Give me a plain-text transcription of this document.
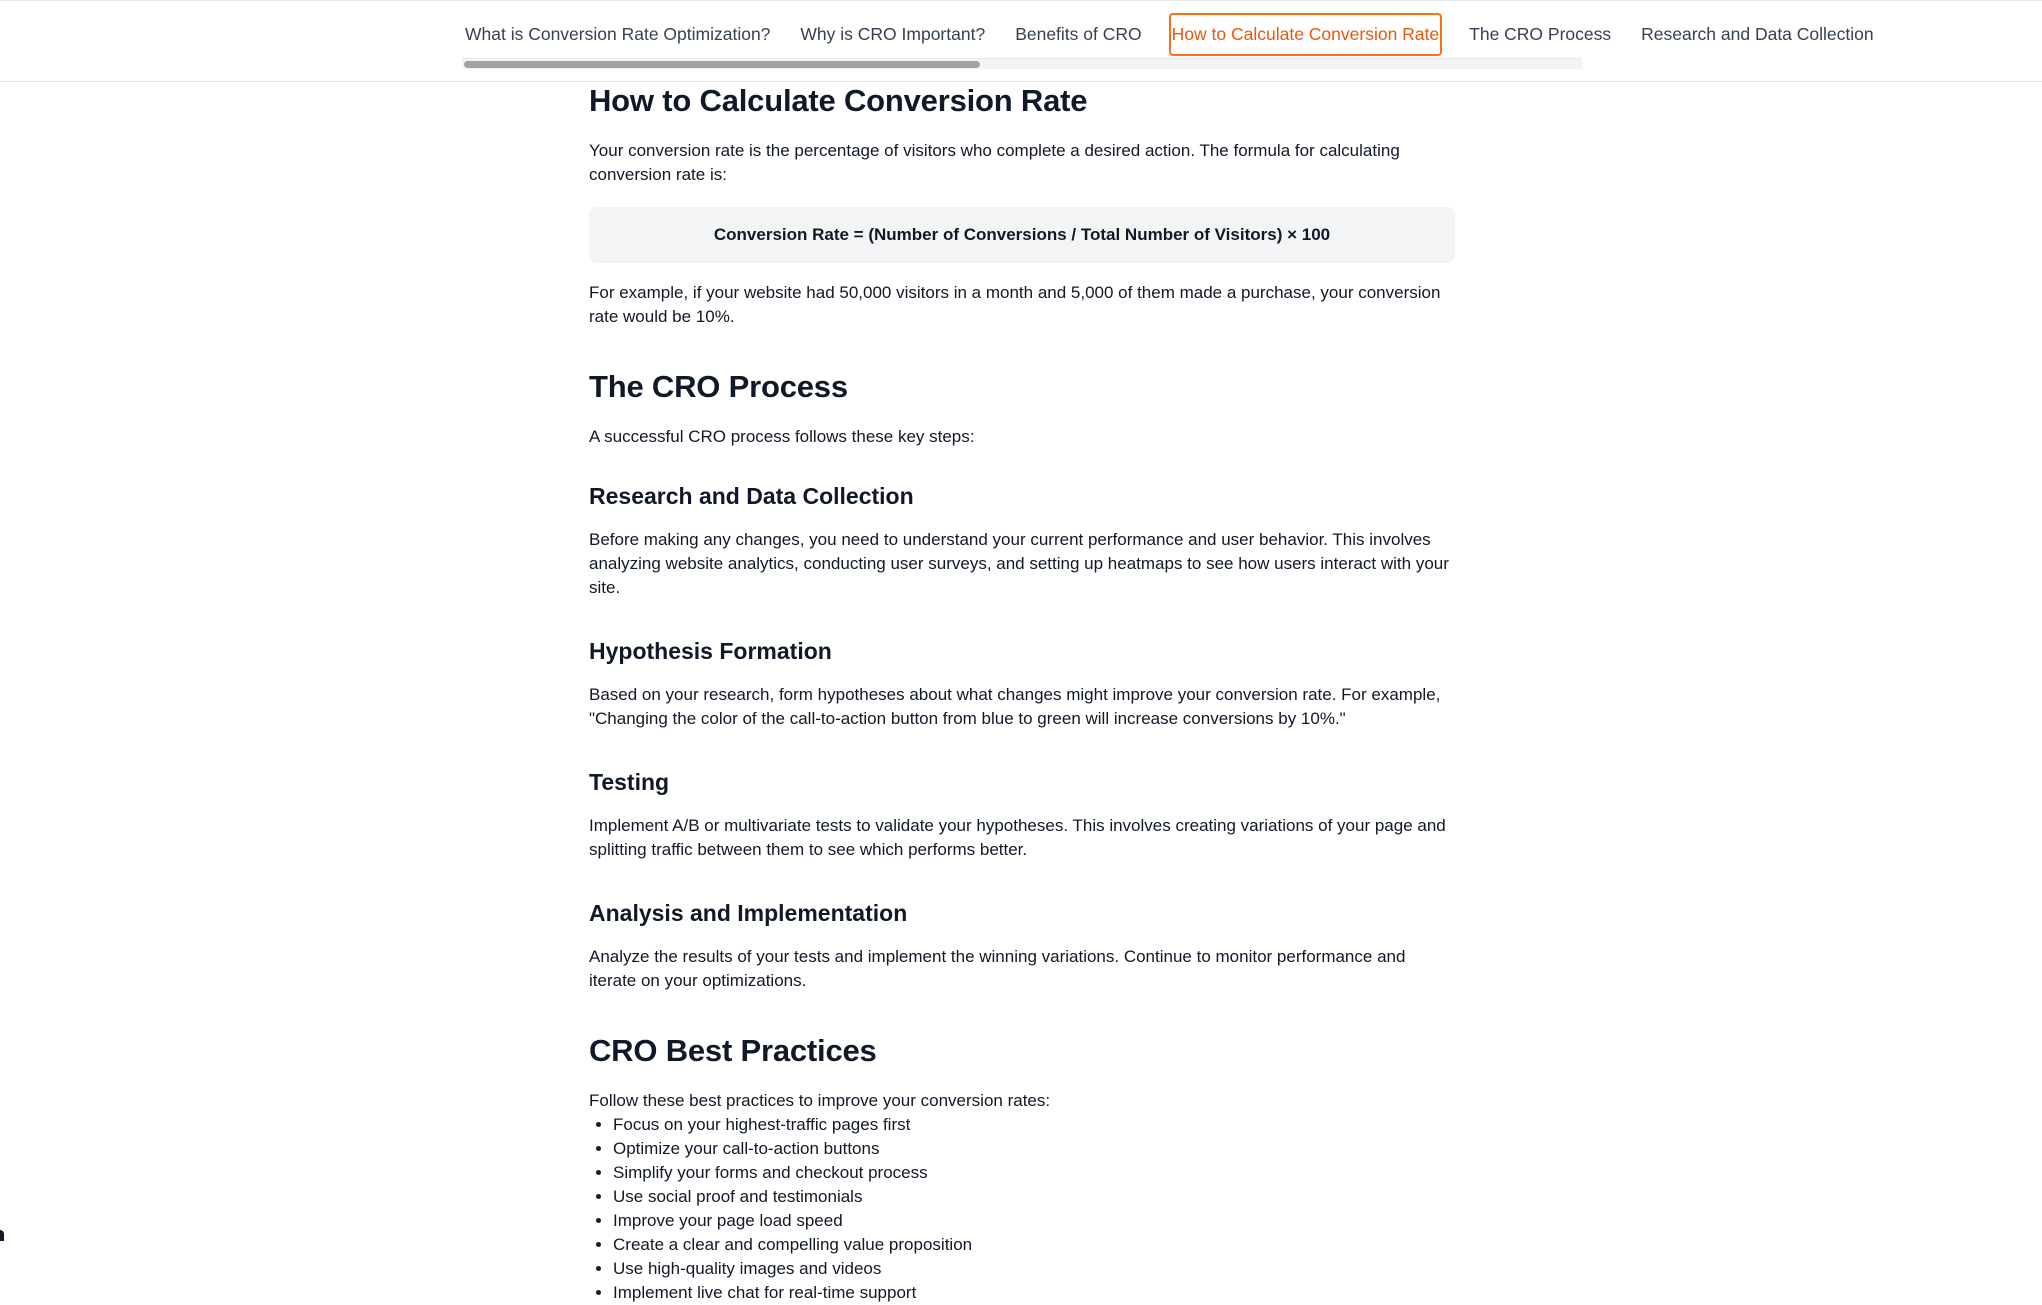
What is Conversion Rate Optimization? Why is CRO Important? Benefits of CRO How to Calculate Conversion Rate The CRO Process Research and Data Collection
How to Calculate Conversion Rate

Your conversion rate is the percentage of visitors who complete a desired action. The formula for calculating conversion rate is:

Conversion Rate = (Number of Conversions / Total Number of Visitors) × 100

For example, if your website had 50,000 visitors in a month and 5,000 of them made a purchase, your conversion rate would be 10%.

The CRO Process

A successful CRO process follows these key steps:

Research and Data Collection

Before making any changes, you need to understand your current performance and user behavior. This involves analyzing website analytics, conducting user surveys, and setting up heatmaps to see how users interact with your site.

Hypothesis Formation

Based on your research, form hypotheses about what changes might improve your conversion rate. For example, "Changing the color of the call-to-action button from blue to green will increase conversions by 10%."

Testing

Implement A/B or multivariate tests to validate your hypotheses. This involves creating variations of your page and splitting traffic between them to see which performs better.

Analysis and Implementation

Analyze the results of your tests and implement the winning variations. Continue to monitor performance and iterate on your optimizations.

CRO Best Practices

Follow these best practices to improve your conversion rates:

• Focus on your highest-traffic pages first
• Optimize your call-to-action buttons
• Simplify your forms and checkout process
• Use social proof and testimonials
• Improve your page load speed
• Create a clear and compelling value proposition
• Use high-quality images and videos
• Implement live chat for real-time support
